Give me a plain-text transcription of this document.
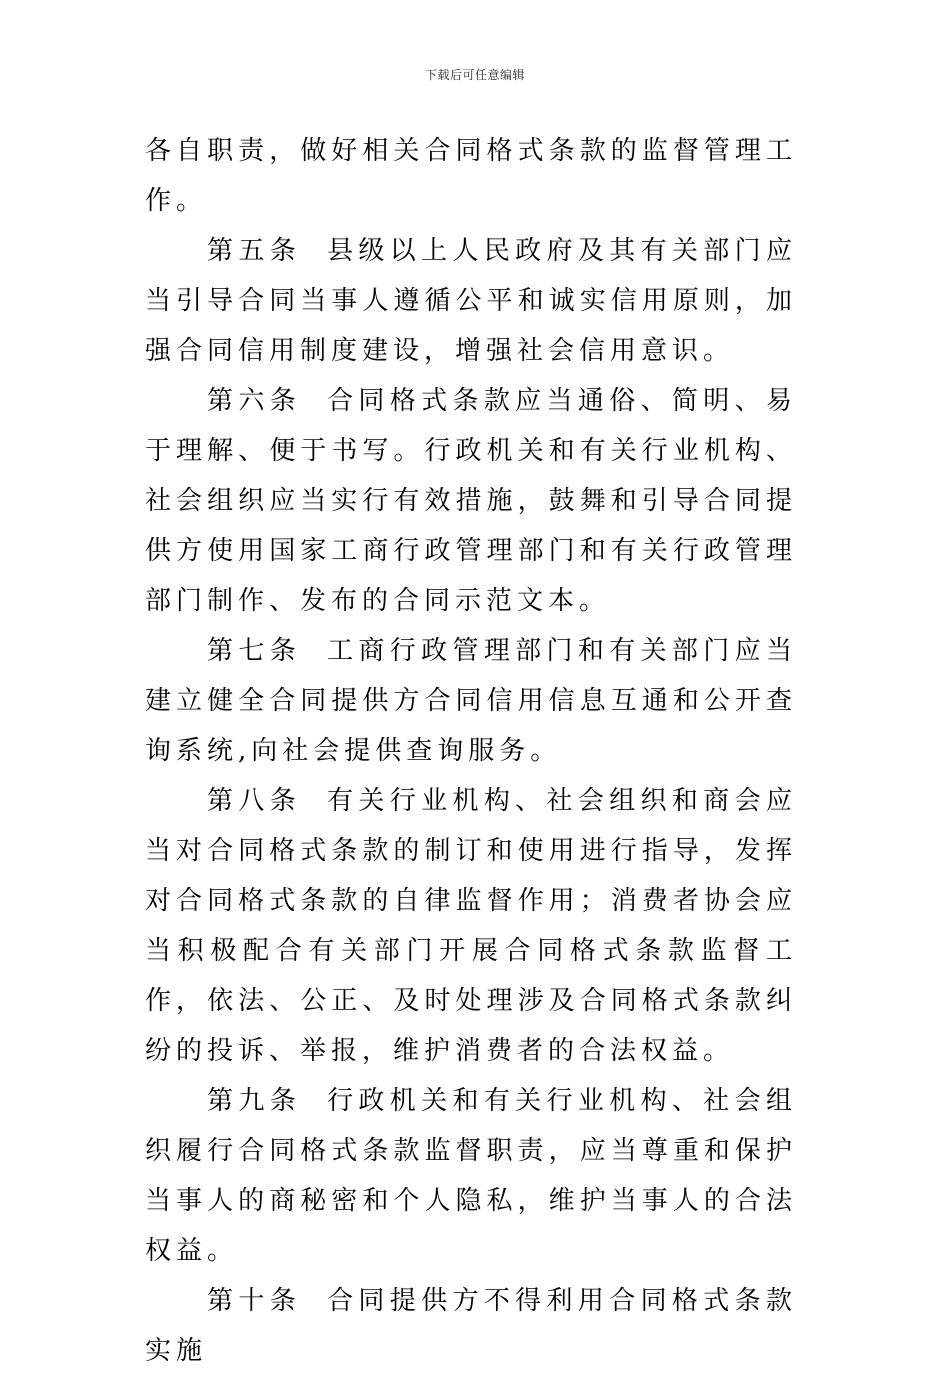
下载后可任意编辑

各自职责，做好相关合同格式条款的监督管理工作。

第五条 县级以上人民政府及其有关部门应当引导合同当事人遵循公平和诚实信用原则，加强合同信用制度建设，增强社会信用意识。

第六条 合同格式条款应当通俗、简明、易于理解、便于书写。行政机关和有关行业机构、社会组织应当实行有效措施，鼓舞和引导合同提供方使用国家工商行政管理部门和有关行政管理部门制作、发布的合同示范文本。

第七条 工商行政管理部门和有关部门应当建立健全合同提供方合同信用信息互通和公开查询系统,向社会提供查询服务。

第八条 有关行业机构、社会组织和商会应当对合同格式条款的制订和使用进行指导，发挥对合同格式条款的自律监督作用；消费者协会应当积极配合有关部门开展合同格式条款监督工作，依法、公正、及时处理涉及合同格式条款纠纷的投诉、举报，维护消费者的合法权益。

第九条 行政机关和有关行业机构、社会组织履行合同格式条款监督职责，应当尊重和保护当事人的商秘密和个人隐私，维护当事人的合法权益。

第十条 合同提供方不得利用合同格式条款实施
